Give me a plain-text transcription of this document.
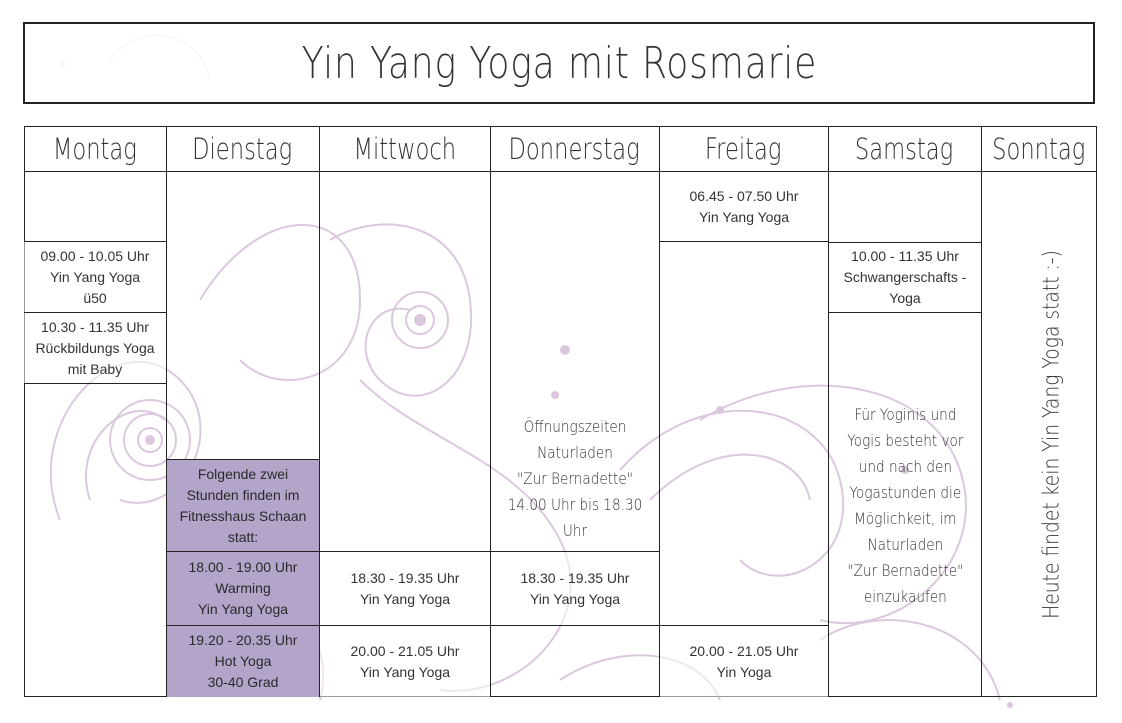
Yin Yang Yoga mit Rosmarie
Montag Dienstag Mittwoch Donnerstag Freitag	Samstag Sonntag
09.00 - 10.05 Uhr
Yin Yang Yoga
ü50
10.30 - 11.35 Uhr
Rückbildungs Yoga
mit Baby
Folgende zwei
Stunden finden im
Fitnesshaus Schaan
statt:
18.00 - 19.00 Uhr
Warming
Yin Yang Yoga
19.20 - 20.35 Uhr
Hot Yoga
30-40 Grad
18.30 - 19.35 Uhr
Yin Yang Yoga
20.00 - 21.05 Uhr
Yin Yang Yoga
Öffnungszeiten
Naturladen
"Zur Bernadette"
14.00 Uhr bis 18.30 Uhr
18.30 - 19.35 Uhr
Yin Yang Yoga
06.45 - 07.50 Uhr
Yin Yang Yoga
20.00 - 21.05 Uhr
Yin Yoga
10.00 - 11.35 Uhr
Schwangerschafts -
Yoga
Für Yoginis und
Yogis besteht vor
und nach den
Yogastunden die
Möglichkeit, im
Naturladen
"Zur Bernadette"
einzukaufen	Heute findet kein Yin Yang Yoga statt :-)
